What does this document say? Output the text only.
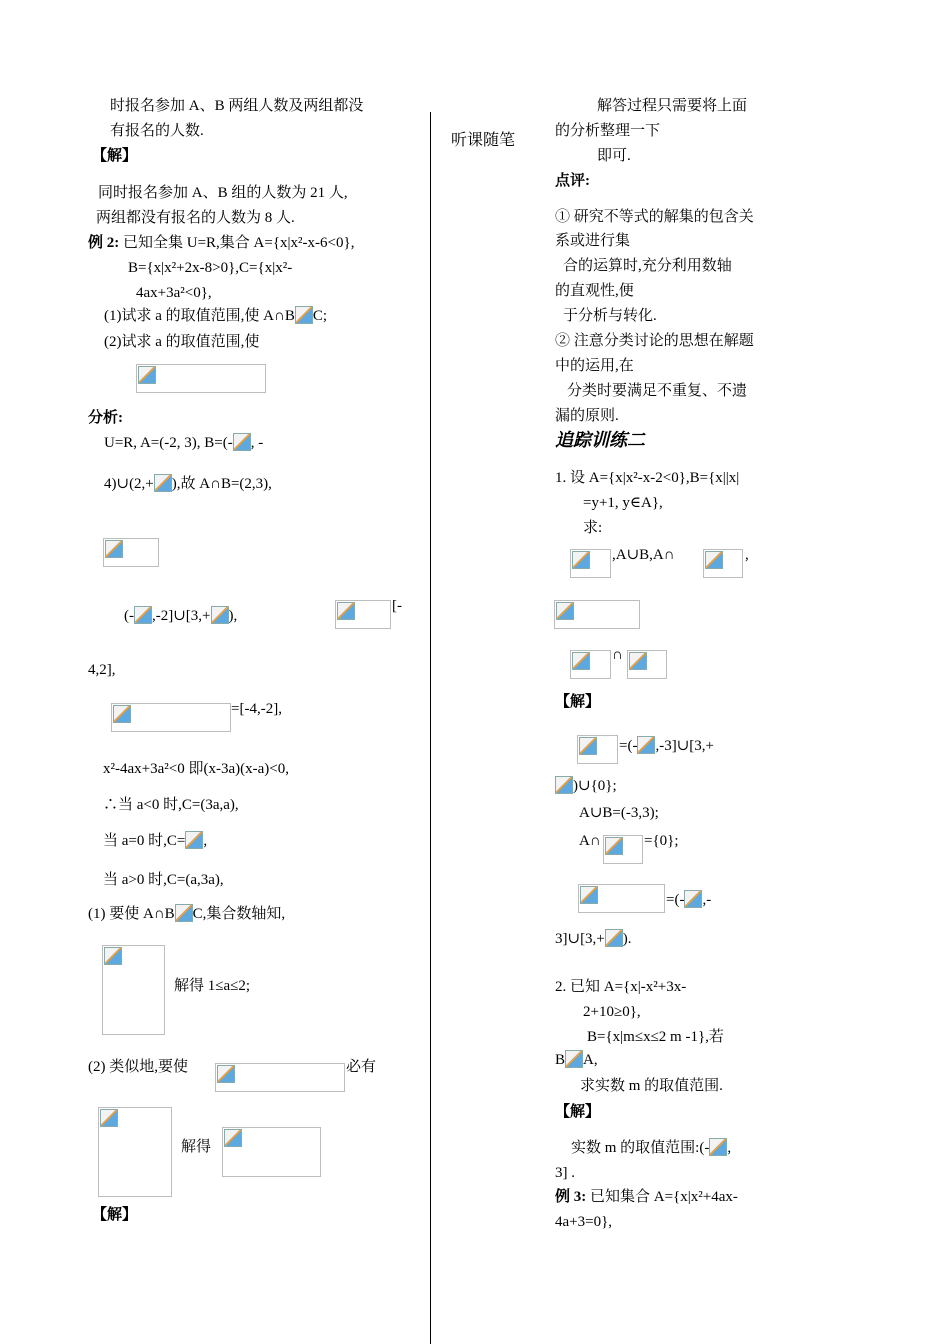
时报名参加 A、B 两组人数及两组都没
有报名的人数.
【解】
同时报名参加 A、B 组的人数为 21 人,
两组都没有报名的人数为 8 人.
例 2: 已知全集 U=R,集合 A={x|x²-x-6<0},
B={x|x²+2x-8>0},C={x|x²-
4ax+3a²<0},
(1)试求 a 的取值范围,使 A∩B C;
(2)试求 a 的取值范围,使
分析:
U=R, A=(-2, 3), B=(- , -
4)∪(2,+ ),故 A∩B=(2,3),
(- ,-2]∪[3,+ ),
[-
4,2],
=[-4,-2],
x²-4ax+3a²<0 即(x-3a)(x-a)<0,
∴当 a<0 时,C=(3a,a),
当 a=0 时,C= ,
当 a>0 时,C=(a,3a),
(1) 要使 A∩B C,集合数轴知,
解得 1≤a≤2;
(2) 类似地,要使	必有
解得
【解】
听课随笔
解答过程只需要将上面
的分析整理一下
即可.
点评:
① 研究不等式的解集的包含关
系或进行集
合的运算时,充分利用数轴
的直观性,便
于分析与转化.
② 注意分类讨论的思想在解题
中的运用,在
分类时要满足不重复、不遗
漏的原则.
追踪训练二
1. 设 A={x|x²-x-2<0},B={x||x|
=y+1, y∈A},
求:
,A∪B,A∩	,
∩
【解】
=(- ,-3]∪[3,+
)∪{0};
A∪B=(-3,3);
A∩	={0};
=(- ,-
3]∪[3,+ ).
2. 已知 A={x|-x²+3x-
2+10≥0},
B={x|m≤x≤2 m -1},若
B A,
求实数 m 的取值范围.
【解】
实数 m 的取值范围:(- ,
3] .
例 3: 已知集合 A={x|x²+4ax-
4a+3=0},
